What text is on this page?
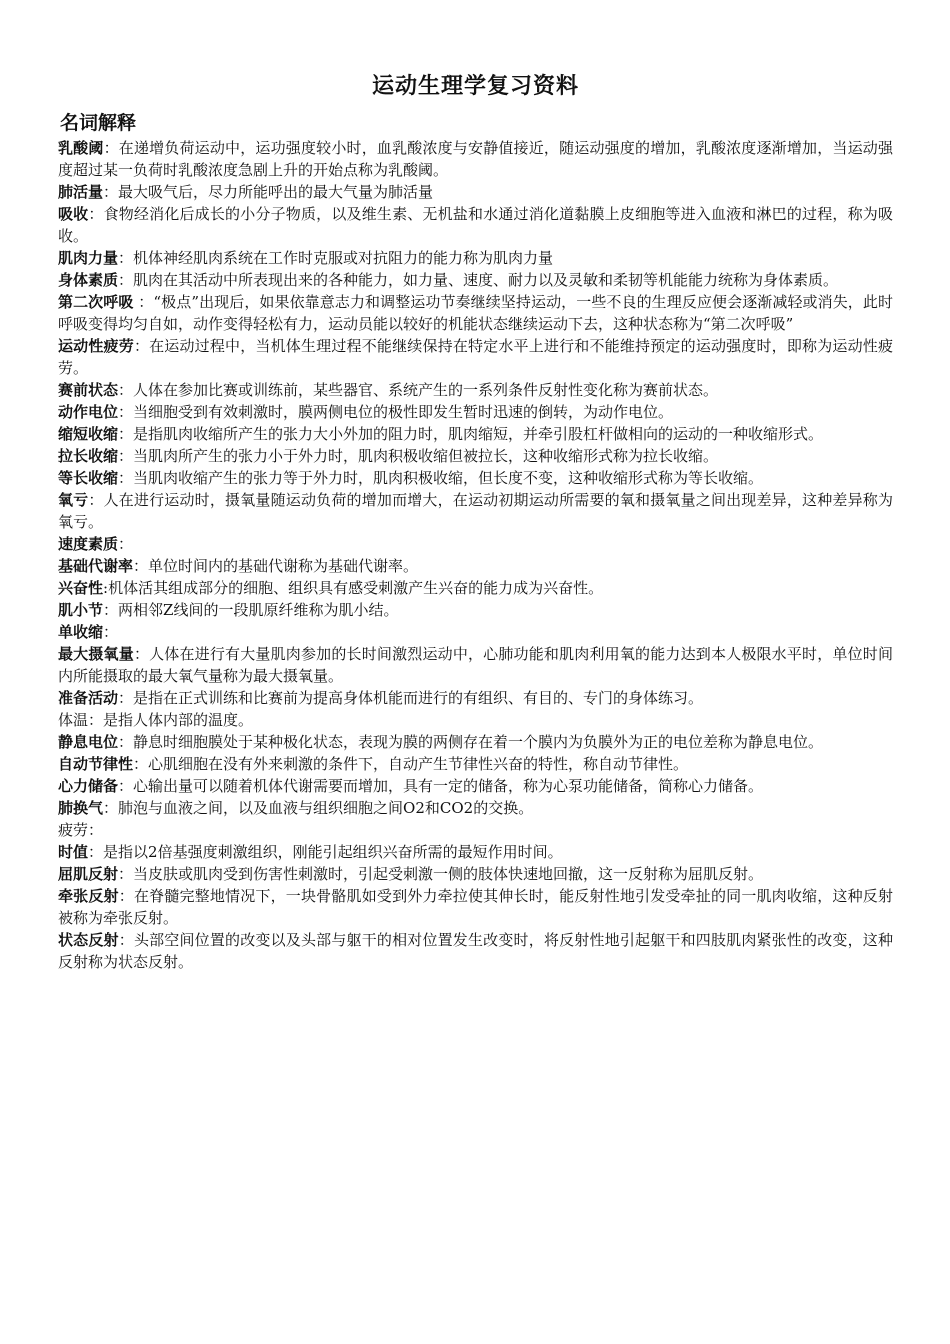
运动生理学复习资料
名词解释

乳酸阈：在递增负荷运动中，运功强度较小时，血乳酸浓度与安静值接近，随运动强度的增加，乳酸浓度逐渐增加，当运动强度超过某一负荷时乳酸浓度急剧上升的开始点称为乳酸阈。

肺活量：最大吸气后，尽力所能呼出的最大气量为肺活量

吸收：食物经消化后成长的小分子物质，以及维生素、无机盐和水通过消化道黏膜上皮细胞等进入血液和淋巴的过程，称为吸收。

肌肉力量：机体神经肌肉系统在工作时克服或对抗阻力的能力称为肌肉力量

身体素质：肌肉在其活动中所表现出来的各种能力，如力量、速度、耐力以及灵敏和柔韧等机能能力统称为身体素质。

第二次呼吸 ：“极点”出现后，如果依靠意志力和调整运功节奏继续坚持运动，一些不良的生理反应便会逐渐减轻或消失，此时呼吸变得均匀自如，动作变得轻松有力，运动员能以较好的机能状态继续运动下去，这种状态称为“第二次呼吸”

运动性疲劳：在运动过程中，当机体生理过程不能继续保持在特定水平上进行和不能维持预定的运动强度时，即称为运动性疲劳。

赛前状态：人体在参加比赛或训练前，某些器官、系统产生的一系列条件反射性变化称为赛前状态。

动作电位：当细胞受到有效刺激时，膜两侧电位的极性即发生暂时迅速的倒转，为动作电位。

缩短收缩：是指肌肉收缩所产生的张力大小外加的阻力时，肌肉缩短，并牵引股杠杆做相向的运动的一种收缩形式。

拉长收缩：当肌肉所产生的张力小于外力时，肌肉积极收缩但被拉长，这种收缩形式称为拉长收缩。

等长收缩：当肌肉收缩产生的张力等于外力时，肌肉积极收缩，但长度不变，这种收缩形式称为等长收缩。

氧亏：人在进行运动时，摄氧量随运动负荷的增加而增大，在运动初期运动所需要的氧和摄氧量之间出现差异，这种差异称为氧亏。

速度素质：

基础代谢率：单位时间内的基础代谢称为基础代谢率。

兴奋性:机体活其组成部分的细胞、组织具有感受刺激产生兴奋的能力成为兴奋性。

肌小节：两相邻Z线间的一段肌原纤维称为肌小结。

单收缩：

最大摄氧量：人体在进行有大量肌肉参加的长时间激烈运动中，心肺功能和肌肉利用氧的能力达到本人极限水平时，单位时间内所能摄取的最大氧气量称为最大摄氧量。

准备活动：是指在正式训练和比赛前为提高身体机能而进行的有组织、有目的、专门的身体练习。

体温：是指人体内部的温度。

静息电位：静息时细胞膜处于某种极化状态，表现为膜的两侧存在着一个膜内为负膜外为正的电位差称为静息电位。

自动节律性：心肌细胞在没有外来刺激的条件下，自动产生节律性兴奋的特性，称自动节律性。

心力储备：心输出量可以随着机体代谢需要而增加，具有一定的储备，称为心泵功能储备，简称心力储备。

肺换气：肺泡与血液之间，以及血液与组织细胞之间O2和CO2的交换。

疲劳：

时值：是指以2倍基强度刺激组织，刚能引起组织兴奋所需的最短作用时间。

屈肌反射：当皮肤或肌肉受到伤害性刺激时，引起受刺激一侧的肢体快速地回撤，这一反射称为屈肌反射。

牵张反射：在脊髓完整地情况下，一块骨骼肌如受到外力牵拉使其伸长时，能反射性地引发受牵扯的同一肌肉收缩，这种反射被称为牵张反射。

状态反射：头部空间位置的改变以及头部与躯干的相对位置发生改变时，将反射性地引起躯干和四肢肌肉紧张性的改变，这种反射称为状态反射。
